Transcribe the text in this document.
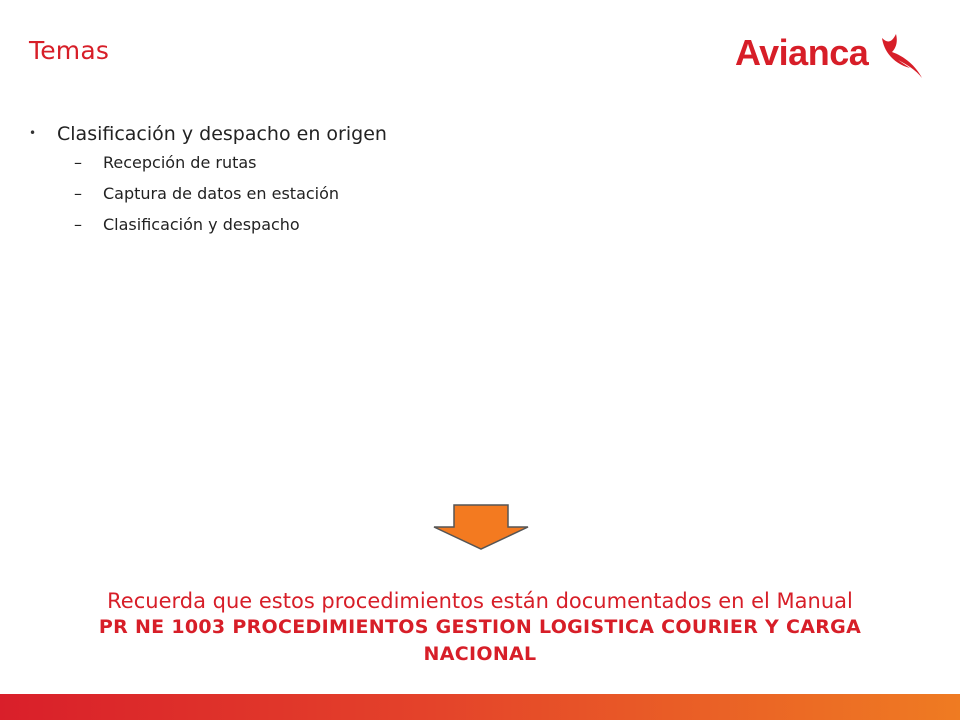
Temas	Avianca
•	Clasificación y despacho en origen
–	Recepción de rutas
–	Captura de datos en estación
–	Clasificación y despacho
Recuerda que estos procedimientos están documentados en el Manual
PR NE 1003 PROCEDIMIENTOS GESTION LOGISTICA COURIER Y CARGA NACIONAL
